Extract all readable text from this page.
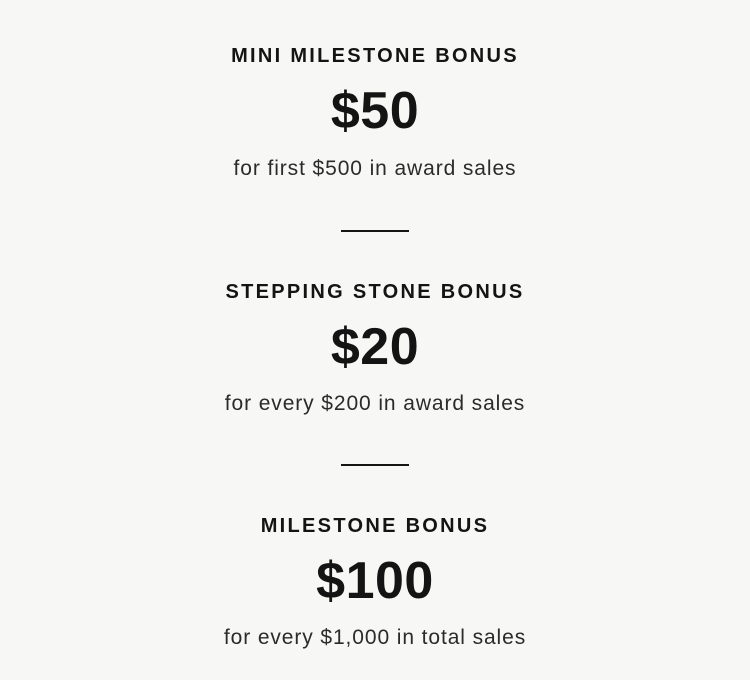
MINI MILESTONE BONUS
$50
for first $500 in award sales
STEPPING STONE BONUS
$20
for every $200 in award sales
MILESTONE BONUS
$100
for every $1,000 in total sales
